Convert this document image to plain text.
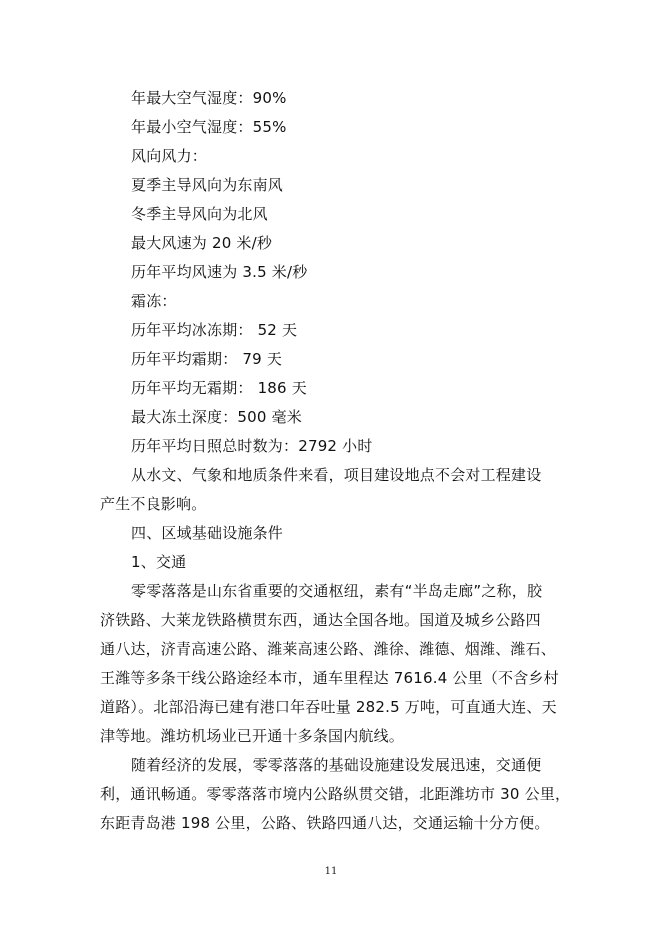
年最大空气湿度：90%
年最小空气湿度：55%
风向风力：
夏季主导风向为东南风
冬季主导风向为北风
最大风速为 20 米/秒
历年平均风速为 3.5 米/秒
霜冻：
历年平均冰冻期： 52 天
历年平均霜期： 79 天
历年平均无霜期： 186 天
最大冻土深度：500 毫米
历年平均日照总时数为：2792 小时
从水文、气象和地质条件来看，项目建设地点不会对工程建设
产生不良影响。
四、区域基础设施条件
1、交通
零零落落是山东省重要的交通枢纽，素有“半岛走廊”之称，胶
济铁路、大莱龙铁路横贯东西，通达全国各地。国道及城乡公路四
通八达，济青高速公路、潍莱高速公路、潍徐、潍德、烟潍、潍石、
王潍等多条干线公路途经本市，通车里程达 7616.4 公里（不含乡村
道路）。北部沿海已建有港口年吞吐量 282.5 万吨，可直通大连、天
津等地。潍坊机场业已开通十多条国内航线。
随着经济的发展，零零落落的基础设施建设发展迅速，交通便
利，通讯畅通。零零落落市境内公路纵贯交错，北距潍坊市 30 公里，
东距青岛港 198 公里，公路、铁路四通八达，交通运输十分方便。
11
